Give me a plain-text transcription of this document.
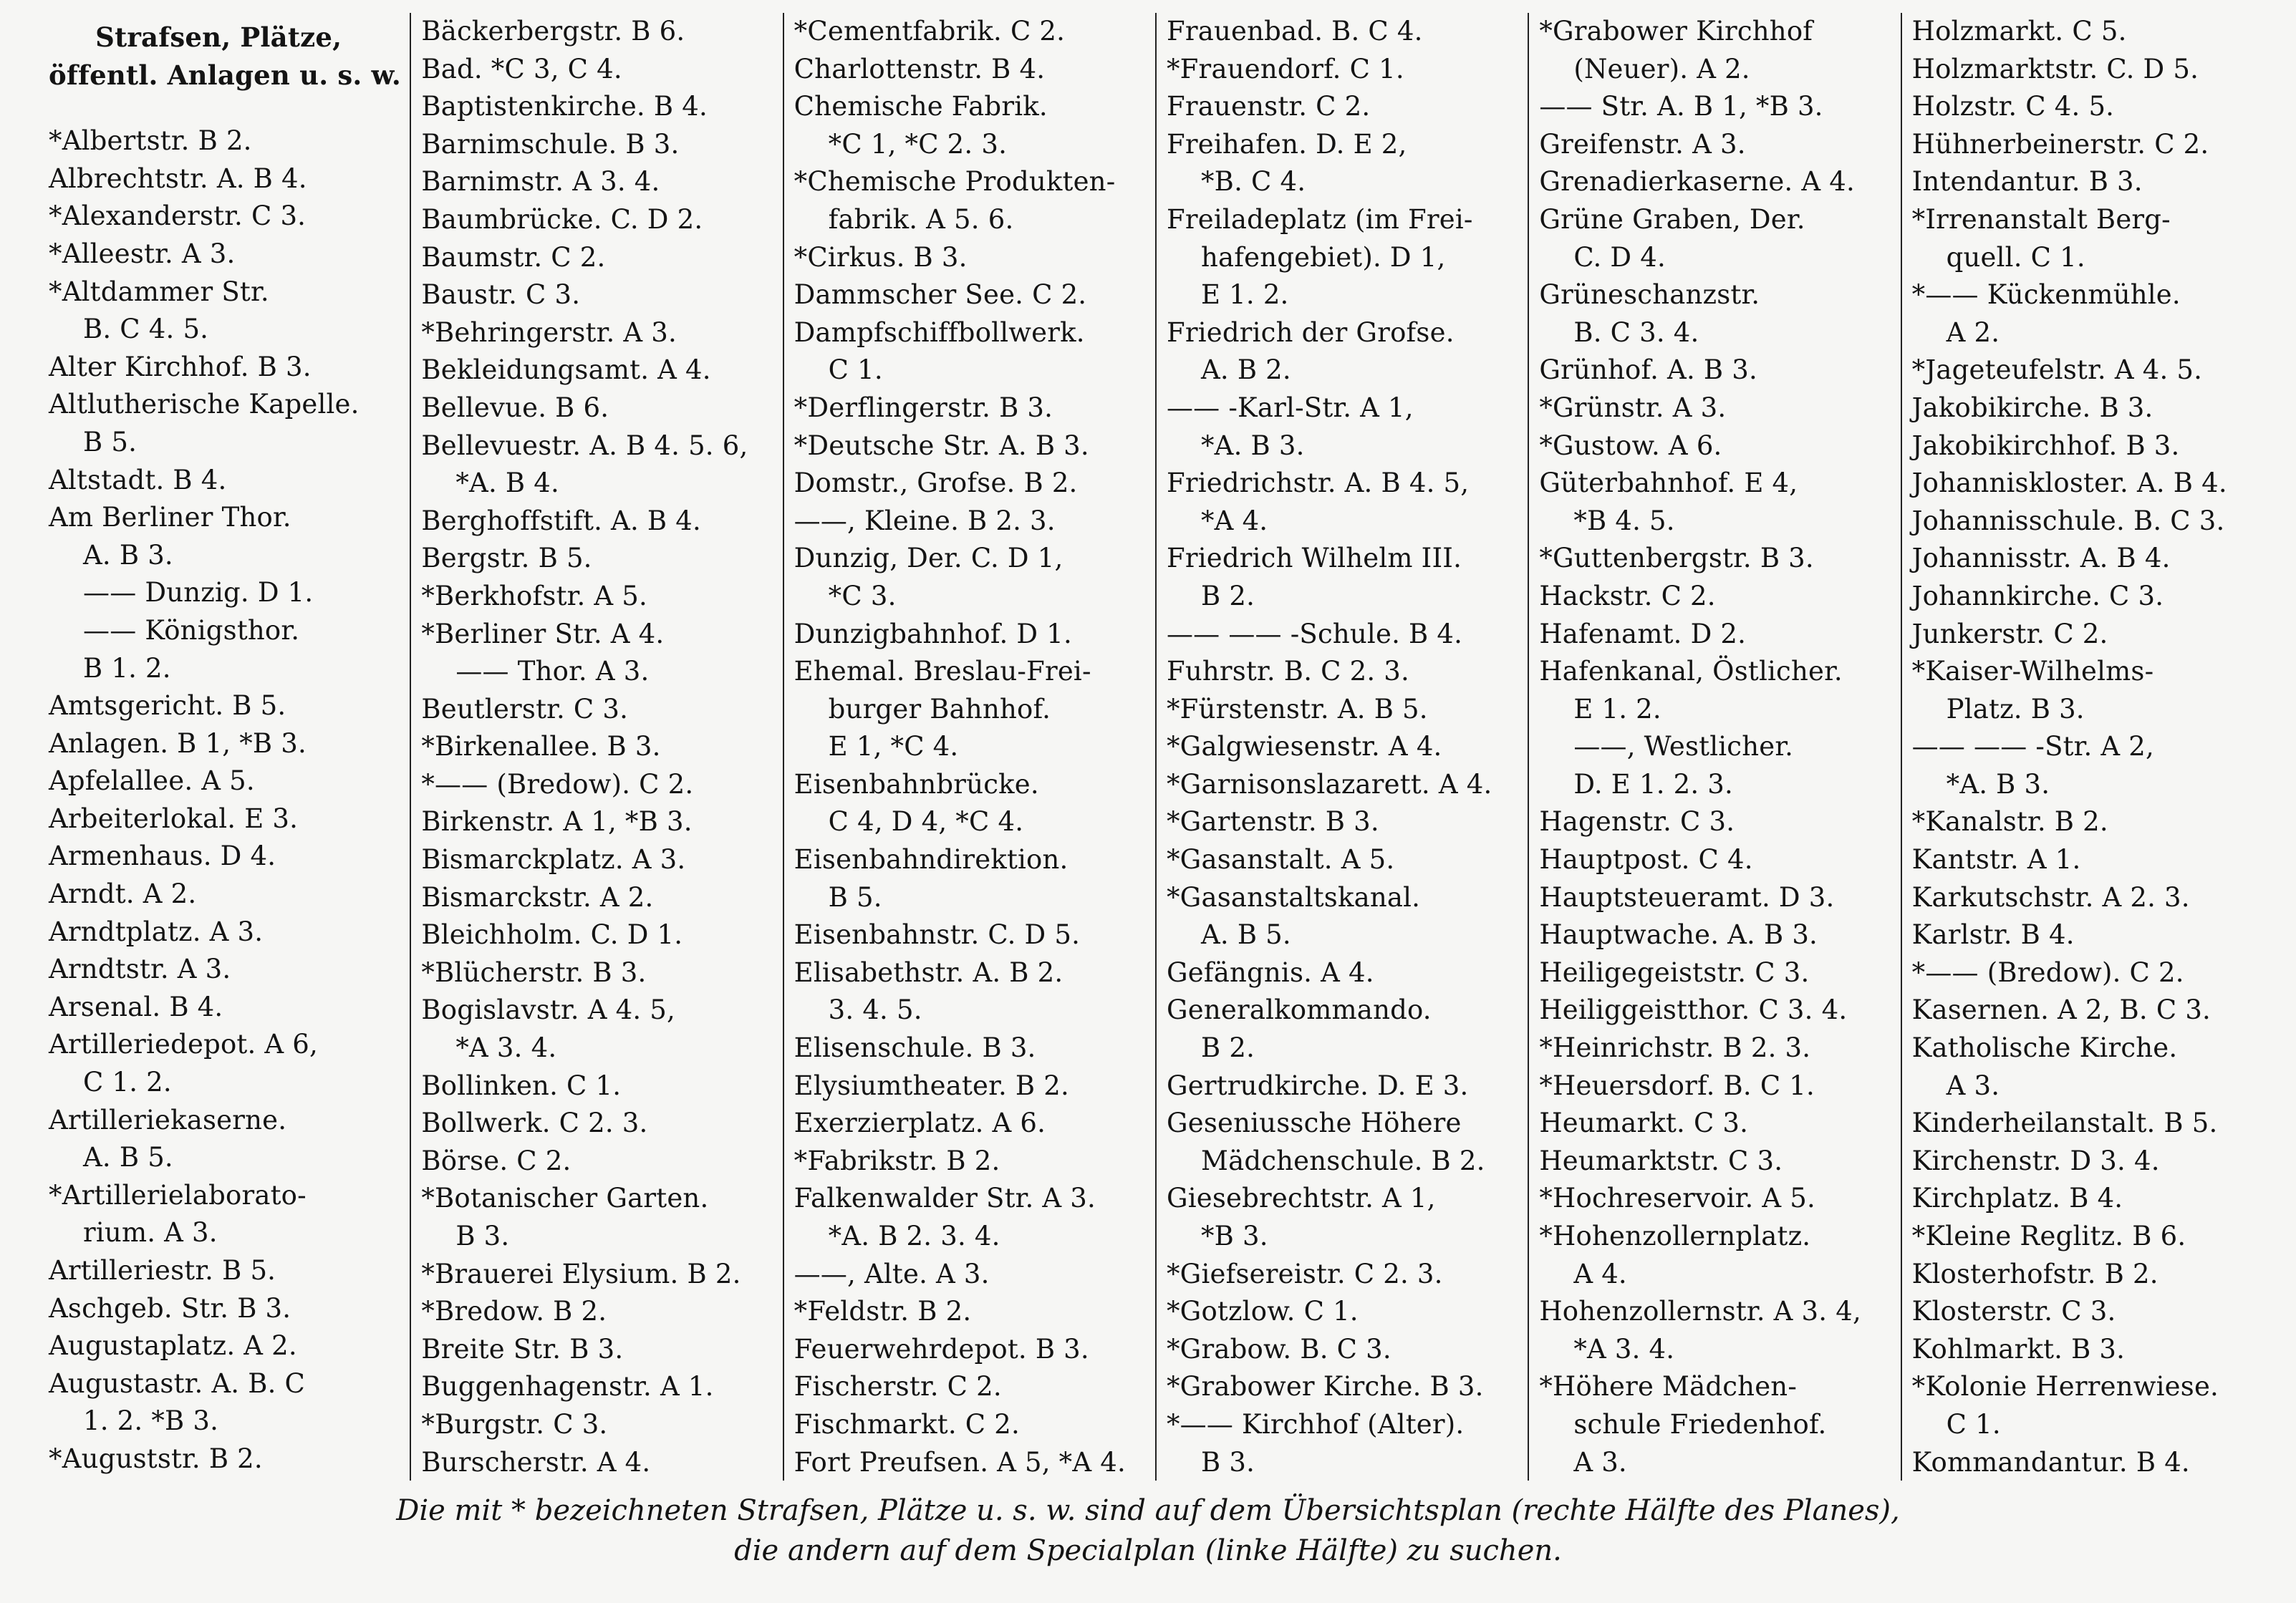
Strafsen, Plätze,
öffentl. Anlagen u. s. w.
*Albertstr. B 2.
Albrechtstr. A. B 4.
*Alexanderstr. C 3.
*Alleestr. A 3.
*Altdammer Str.
B. C 4. 5.
Alter Kirchhof. B 3.
Altlutherische Kapelle.
B 5.
Altstadt. B 4.
Am Berliner Thor.
A. B 3.
—— Dunzig. D 1.
—— Königsthor.
B 1. 2.
Amtsgericht. B 5.
Anlagen. B 1, *B 3.
Apfelallee. A 5.
Arbeiterlokal. E 3.
Armenhaus. D 4.
Arndt. A 2.
Arndtplatz. A 3.
Arndtstr. A 3.
Arsenal. B 4.
Artilleriedepot. A 6,
C 1. 2.
Artilleriekaserne.
A. B 5.
*Artillerielaborato-
rium. A 3.
Artilleriestr. B 5.
Aschgeb. Str. B 3.
Augustaplatz. A 2.
Augustastr. A. B. C
1. 2. *B 3.
*Auguststr. B 2.
Bäckerbergstr. B 6.
Bad. *C 3, C 4.
Baptistenkirche. B 4.
Barnimschule. B 3.
Barnimstr. A 3. 4.
Baumbrücke. C. D 2.
Baumstr. C 2.
Baustr. C 3.
*Behringerstr. A 3.
Bekleidungsamt. A 4.
Bellevue. B 6.
Bellevuestr. A. B 4. 5. 6,
*A. B 4.
Berghoffstift. A. B 4.
Bergstr. B 5.
*Berkhofstr. A 5.
*Berliner Str. A 4.
—— Thor. A 3.
Beutlerstr. C 3.
*Birkenallee. B 3.
*—— (Bredow). C 2.
Birkenstr. A 1, *B 3.
Bismarckplatz. A 3.
Bismarckstr. A 2.
Bleichholm. C. D 1.
*Blücherstr. B 3.
Bogislavstr. A 4. 5,
*A 3. 4.
Bollinken. C 1.
Bollwerk. C 2. 3.
Börse. C 2.
*Botanischer Garten.
B 3.
*Brauerei Elysium. B 2.
*Bredow. B 2.
Breite Str. B 3.
Buggenhagenstr. A 1.
*Burgstr. C 3.
Burscherstr. A 4.
*Cementfabrik. C 2.
Charlottenstr. B 4.
Chemische Fabrik.
*C 1, *C 2. 3.
*Chemische Produkten-
fabrik. A 5. 6.
*Cirkus. B 3.
Dammscher See. C 2.
Dampfschiffbollwerk.
C 1.
*Derflingerstr. B 3.
*Deutsche Str. A. B 3.
Domstr., Grofse. B 2.
——, Kleine. B 2. 3.
Dunzig, Der. C. D 1,
*C 3.
Dunzigbahnhof. D 1.
Ehemal. Breslau-Frei-
burger Bahnhof.
E 1, *C 4.
Eisenbahnbrücke.
C 4, D 4, *C 4.
Eisenbahndirektion.
B 5.
Eisenbahnstr. C. D 5.
Elisabethstr. A. B 2.
3. 4. 5.
Elisenschule. B 3.
Elysiumtheater. B 2.
Exerzierplatz. A 6.
*Fabrikstr. B 2.
Falkenwalder Str. A 3.
*A. B 2. 3. 4.
——, Alte. A 3.
*Feldstr. B 2.
Feuerwehrdepot. B 3.
Fischerstr. C 2.
Fischmarkt. C 2.
Fort Preufsen. A 5, *A 4.
Frauenbad. B. C 4.
*Frauendorf. C 1.
Frauenstr. C 2.
Freihafen. D. E 2,
*B. C 4.
Freiladeplatz (im Frei-
hafengebiet). D 1,
E 1. 2.
Friedrich der Grofse.
A. B 2.
—— -Karl-Str. A 1,
*A. B 3.
Friedrichstr. A. B 4. 5,
*A 4.
Friedrich Wilhelm III.
B 2.
—— —— -Schule. B 4.
Fuhrstr. B. C 2. 3.
*Fürstenstr. A. B 5.
*Galgwiesenstr. A 4.
*Garnisonslazarett. A 4.
*Gartenstr. B 3.
*Gasanstalt. A 5.
*Gasanstaltskanal.
A. B 5.
Gefängnis. A 4.
Generalkommando.
B 2.
Gertrudkirche. D. E 3.
Geseniussche Höhere
Mädchenschule. B 2.
Giesebrechtstr. A 1,
*B 3.
*Giefsereistr. C 2. 3.
*Gotzlow. C 1.
*Grabow. B. C 3.
*Grabower Kirche. B 3.
*—— Kirchhof (Alter).
B 3.
*Grabower Kirchhof
(Neuer). A 2.
—— Str. A. B 1, *B 3.
Greifenstr. A 3.
Grenadierkaserne. A 4.
Grüne Graben, Der.
C. D 4.
Grüneschanzstr.
B. C 3. 4.
Grünhof. A. B 3.
*Grünstr. A 3.
*Gustow. A 6.
Güterbahnhof. E 4,
*B 4. 5.
*Guttenbergstr. B 3.
Hackstr. C 2.
Hafenamt. D 2.
Hafenkanal, Östlicher.
E 1. 2.
——, Westlicher.
D. E 1. 2. 3.
Hagenstr. C 3.
Hauptpost. C 4.
Hauptsteueramt. D 3.
Hauptwache. A. B 3.
Heiligegeiststr. C 3.
Heiliggeistthor. C 3. 4.
*Heinrichstr. B 2. 3.
*Heuersdorf. B. C 1.
Heumarkt. C 3.
Heumarktstr. C 3.
*Hochreservoir. A 5.
*Hohenzollernplatz.
A 4.
Hohenzollernstr. A 3. 4,
*A 3. 4.
*Höhere Mädchen-
schule Friedenhof.
A 3.
Holzmarkt. C 5.
Holzmarktstr. C. D 5.
Holzstr. C 4. 5.
Hühnerbeinerstr. C 2.
Intendantur. B 3.
*Irrenanstalt Berg-
quell. C 1.
*—— Kückenmühle.
A 2.
*Jageteufelstr. A 4. 5.
Jakobikirche. B 3.
Jakobikirchhof. B 3.
Johanniskloster. A. B 4.
Johannisschule. B. C 3.
Johannisstr. A. B 4.
Johannkirche. C 3.
Junkerstr. C 2.
*Kaiser-Wilhelms-
Platz. B 3.
—— —— -Str. A 2,
*A. B 3.
*Kanalstr. B 2.
Kantstr. A 1.
Karkutschstr. A 2. 3.
Karlstr. B 4.
*—— (Bredow). C 2.
Kasernen. A 2, B. C 3.
Katholische Kirche.
A 3.
Kinderheilanstalt. B 5.
Kirchenstr. D 3. 4.
Kirchplatz. B 4.
*Kleine Reglitz. B 6.
Klosterhofstr. B 2.
Klosterstr. C 3.
Kohlmarkt. B 3.
*Kolonie Herrenwiese.
C 1.
Kommandantur. B 4.
Die mit * bezeichneten Strafsen, Plätze u. s. w. sind auf dem Übersichtsplan (rechte Hälfte des Planes),
die andern auf dem Specialplan (linke Hälfte) zu suchen.
